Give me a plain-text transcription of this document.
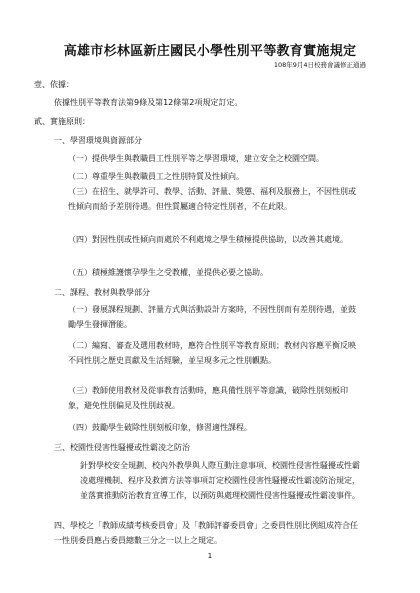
高雄市杉林區新庄國民小學性別平等教育實施規定
108年9月4日校務會議修正通過
壹、依據：
依據性別平等教育法第9條及第12條第2項規定訂定。
貳、實施原則：
一、學習環境與資源部分
（一）提供學生與教職員工性別平等之學習環境，建立安全之校園空間。
（二）尊重學生與教職員工之性別特質及性傾向。
（三）在招生、就學許可、教學、活動、評量、獎懲、福利及服務上，不因性別或性傾向而給予差別待遇。但性質屬適合特定性別者，不在此限。
（四）對因性別或性傾向而處於不利處境之學生積極提供協助，以改善其處境。
（五）積極維護懷孕學生之受教權，並提供必要之協助。
二、課程、教材與教學部分
（一）發展課程規劃、評量方式與活動設計方案時，不因性別而有差別待遇，並鼓勵學生發揮潛能。
（二）編寫、審查及選用教材時，應符合性別平等教育原則；教材內容應平衡反映不同性別之歷史貢獻及生活經驗，並呈現多元之性別觀點。
（三）教師使用教材及從事教育活動時，應具備性別平等意識，破除性別刻板印象，避免性別偏見及性別歧視。
（四）鼓勵學生破除性別刻板印象，修習適性課程。
三、校園性侵害性騷擾或性霸凌之防治
針對學校安全規劃、校內外教學與人際互動注意事項、校園性侵害性騷擾或性霸凌處理機制、程序及救濟方法等事項訂定校園性侵害性騷擾或性霸凌防治規定，並落實推動防治教育宣導工作，以預防與處理校園性侵害性騷擾或性霸凌事件。
四、學校之「教師成績考核委員會」及「教師評審委員會」之委員性別比例組成符合任一性別委員應占委員總數三分之一以上之規定。
1
